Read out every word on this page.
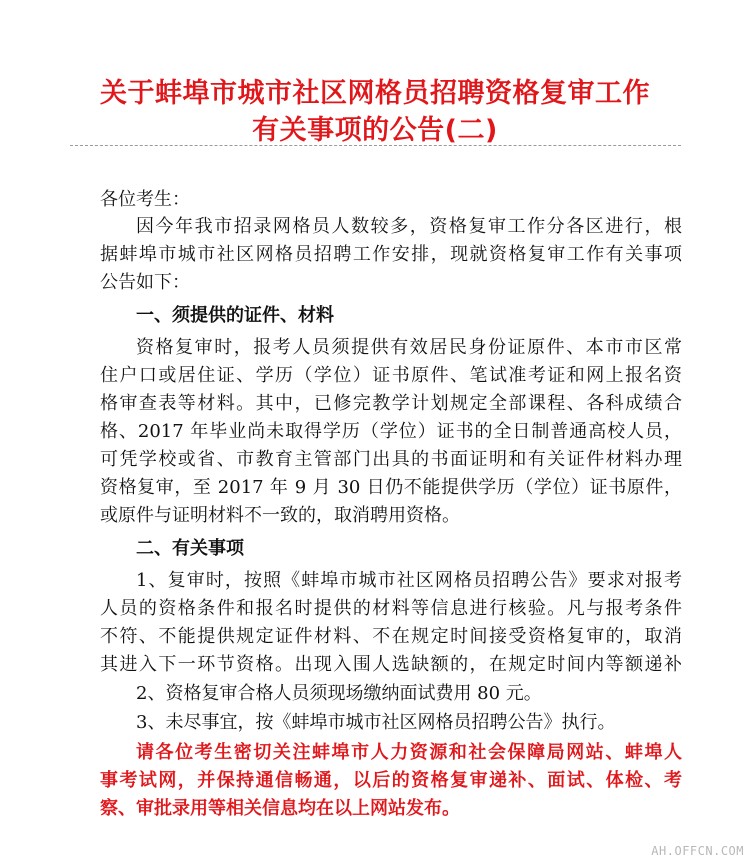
关于蚌埠市城市社区网格员招聘资格复审工作
有关事项的公告(二)
各位考生：
因今年我市招录网格员人数较多，资格复审工作分各区进行，根
据蚌埠市城市社区网格员招聘工作安排，现就资格复审工作有关事项
公告如下：
一、须提供的证件、材料
资格复审时，报考人员须提供有效居民身份证原件、本市市区常
住户口或居住证、学历（学位）证书原件、笔试准考证和网上报名资
格审查表等材料。其中，已修完教学计划规定全部课程、各科成绩合
格、2017 年毕业尚未取得学历（学位）证书的全日制普通高校人员，
可凭学校或省、市教育主管部门出具的书面证明和有关证件材料办理
资格复审，至 2017 年 9 月 30 日仍不能提供学历（学位）证书原件，
或原件与证明材料不一致的，取消聘用资格。
二、有关事项
1、复审时，按照《蚌埠市城市社区网格员招聘公告》要求对报考
人员的资格条件和报名时提供的材料等信息进行核验。凡与报考条件
不符、不能提供规定证件材料、不在规定时间接受资格复审的，取消
其进入下一环节资格。出现入围人选缺额的，在规定时间内等额递补
2、资格复审合格人员须现场缴纳面试费用 80 元。
3、未尽事宜，按《蚌埠市城市社区网格员招聘公告》执行。
请各位考生密切关注蚌埠市人力资源和社会保障局网站、蚌埠人
事考试网，并保持通信畅通，以后的资格复审递补、面试、体检、考
察、审批录用等相关信息均在以上网站发布。
AH.OFFCN.COM
